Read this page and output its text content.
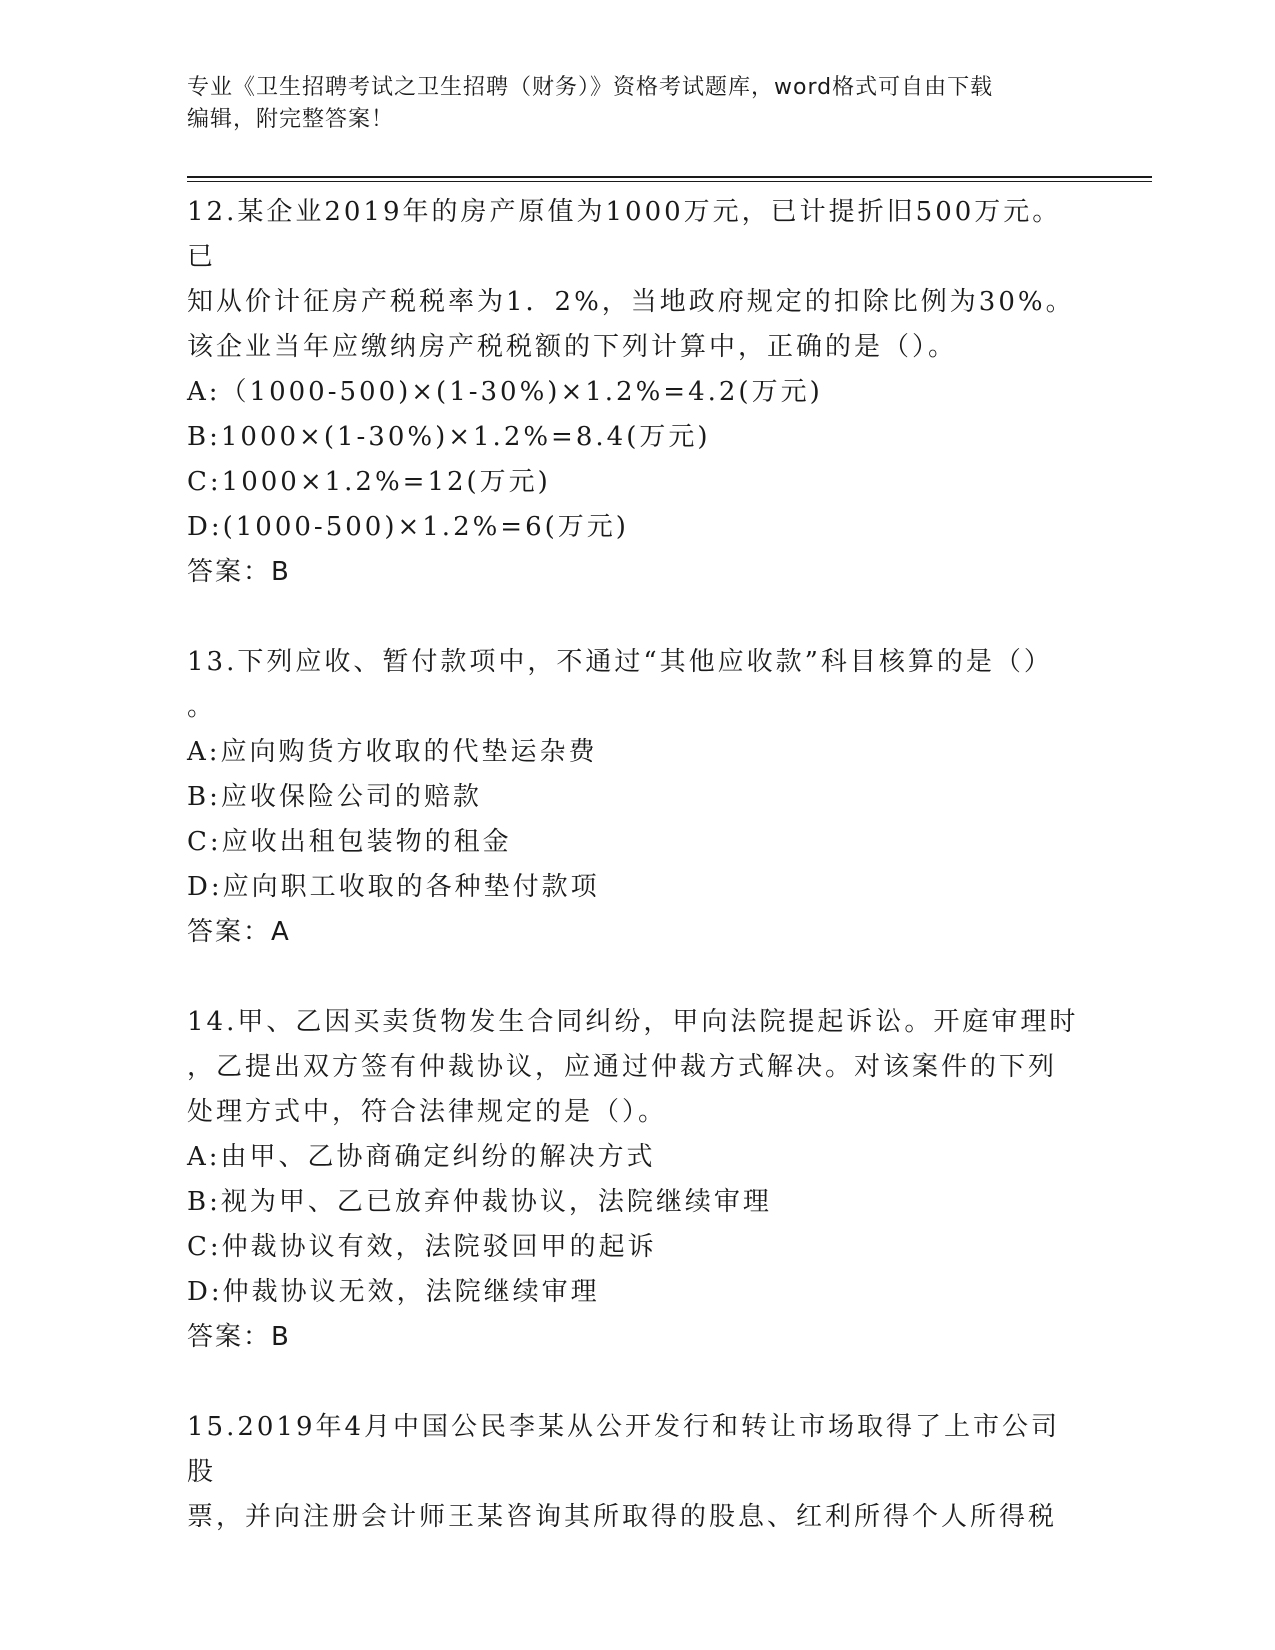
专业《卫生招聘考试之卫生招聘（财务）》资格考试题库，word格式可自由下载
编辑，附完整答案！

12.某企业2019年的房产原值为1000万元，已计提折旧500万元。已

知从价计征房产税税率为1．2%，当地政府规定的扣除比例为30%。

该企业当年应缴纳房产税税额的下列计算中，正确的是（）。

A:（1000-500)×(1-30%)×1.2%=4.2(万元)

B:1000×(1-30%)×1.2%=8.4(万元)

C:1000×1.2%=12(万元)

D:(1000-500)×1.2%=6(万元)

答案：B

13.下列应收、暂付款项中，不通过“其他应收款”科目核算的是（）

。

A:应向购货方收取的代垫运杂费

B:应收保险公司的赔款

C:应收出租包装物的租金

D:应向职工收取的各种垫付款项

答案：A

14.甲、乙因买卖货物发生合同纠纷，甲向法院提起诉讼。开庭审理时

，乙提出双方签有仲裁协议，应通过仲裁方式解决。对该案件的下列

处理方式中，符合法律规定的是（）。

A:由甲、乙协商确定纠纷的解决方式

B:视为甲、乙已放弃仲裁协议，法院继续审理

C:仲裁协议有效，法院驳回甲的起诉

D:仲裁协议无效，法院继续审理

答案：B

15.2019年4月中国公民李某从公开发行和转让市场取得了上市公司股

票，并向注册会计师王某咨询其所取得的股息、红利所得个人所得税
